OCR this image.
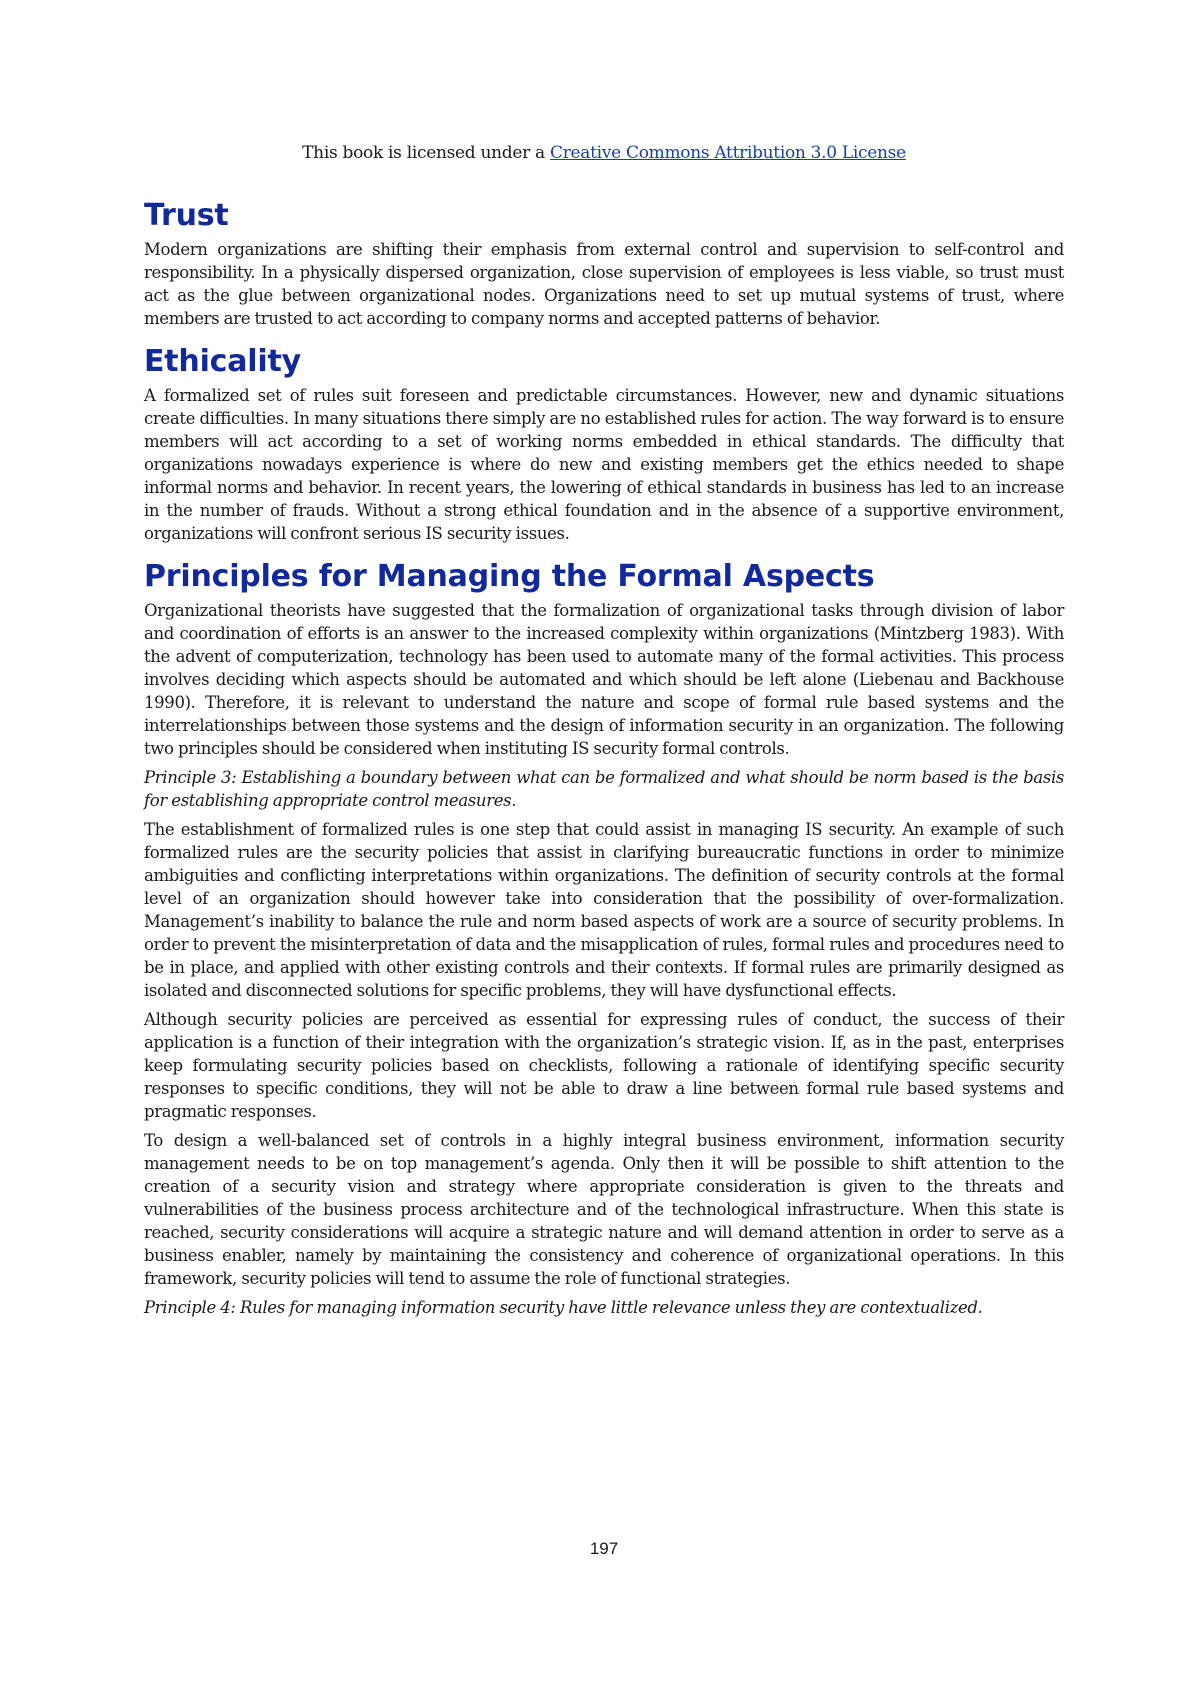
This book is licensed under a Creative Commons Attribution 3.0 License
Trust

Modern organizations are shifting their emphasis from external control and supervision to self-control and responsibility. In a physically dispersed organization, close supervision of employees is less viable, so trust must act as the glue between organizational nodes. Organizations need to set up mutual systems of trust, where members are trusted to act according to company norms and accepted patterns of behavior.

Ethicality

A formalized set of rules suit foreseen and predictable circumstances. However, new and dynamic situations create difficulties. In many situations there simply are no established rules for action. The way forward is to ensure members will act according to a set of working norms embedded in ethical standards. The difficulty that organizations nowadays experience is where do new and existing members get the ethics needed to shape informal norms and behavior. In recent years, the lowering of ethical standards in business has led to an increase in the number of frauds. Without a strong ethical foundation and in the absence of a supportive environment, organizations will confront serious IS security issues.

Principles for Managing the Formal Aspects

Organizational theorists have suggested that the formalization of organizational tasks through division of labor and coordination of efforts is an answer to the increased complexity within organizations (Mintzberg 1983). With the advent of computerization, technology has been used to automate many of the formal activities. This process involves deciding which aspects should be automated and which should be left alone (Liebenau and Backhouse 1990). Therefore, it is relevant to understand the nature and scope of formal rule based systems and the interrelationships between those systems and the design of information security in an organization. The following two principles should be considered when instituting IS security formal controls.

Principle 3: Establishing a boundary between what can be formalized and what should be norm based is the basis for establishing appropriate control measures.

The establishment of formalized rules is one step that could assist in managing IS security. An example of such formalized rules are the security policies that assist in clarifying bureaucratic functions in order to minimize ambiguities and conflicting interpretations within organizations. The definition of security controls at the formal level of an organization should however take into consideration that the possibility of over-formalization. Management’s inability to balance the rule and norm based aspects of work are a source of security problems. In order to prevent the misinterpretation of data and the misapplication of rules, formal rules and procedures need to be in place, and applied with other existing controls and their contexts. If formal rules are primarily designed as isolated and disconnected solutions for specific problems, they will have dysfunctional effects.

Although security policies are perceived as essential for expressing rules of conduct, the success of their application is a function of their integration with the organization’s strategic vision. If, as in the past, enterprises keep formulating security policies based on checklists, following a rationale of identifying specific security responses to specific conditions, they will not be able to draw a line between formal rule based systems and pragmatic responses.

To design a well-balanced set of controls in a highly integral business environment, information security management needs to be on top management’s agenda. Only then it will be possible to shift attention to the creation of a security vision and strategy where appropriate consideration is given to the threats and vulnerabilities of the business process architecture and of the technological infrastructure. When this state is reached, security considerations will acquire a strategic nature and will demand attention in order to serve as a business enabler, namely by maintaining the consistency and coherence of organizational operations. In this framework, security policies will tend to assume the role of functional strategies.

Principle 4: Rules for managing information security have little relevance unless they are contextualized.

197
